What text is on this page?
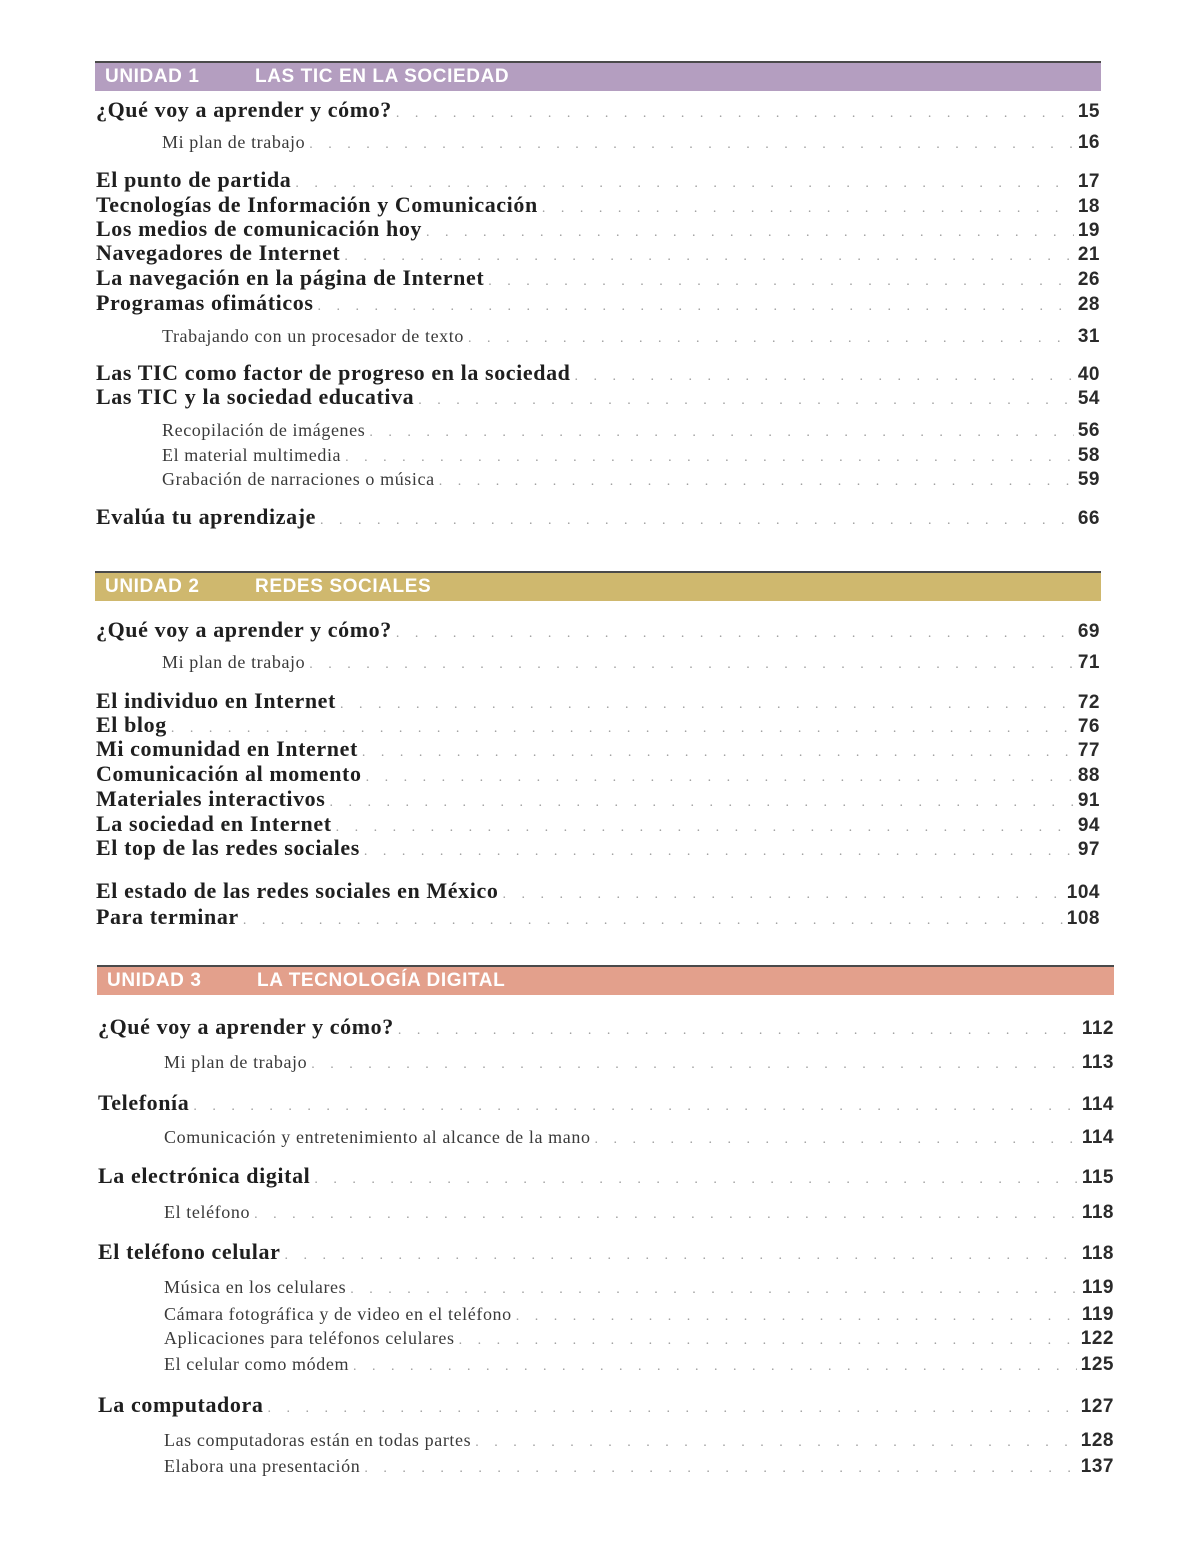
UNIDAD 1	LAS TIC EN LA SOCIEDAD
¿Qué voy a aprender y cómo? . . .	15
Mi plan de trabajo . . .	16
El punto de partida . . .	17
Tecnologías de Información y Comunicación . . .	18
Los medios de comunicación hoy . . .	19
Navegadores de Internet . . .	21
La navegación en la página de Internet . . .	26
Programas ofimáticos . . .	28
Trabajando con un procesador de texto . . .	31
Las TIC como factor de progreso en la sociedad . . .	40
Las TIC y la sociedad educativa . . .	54
Recopilación de imágenes . . .	56
El material multimedia . . .	58
Grabación de narraciones o música . . .	59
Evalúa tu aprendizaje . . .	66
UNIDAD 2	REDES SOCIALES
¿Qué voy a aprender y cómo? . . .	69
Mi plan de trabajo . . .	71
El individuo en Internet . . .	72
El blog . . .	76
Mi comunidad en Internet . . .	77
Comunicación al momento . . .	88
Materiales interactivos . . .	91
La sociedad en Internet . . .	94
El top de las redes sociales . . .	97
El estado de las redes sociales en México . . .	104
Para terminar . . .	108
UNIDAD 3	LA TECNOLOGÍA DIGITAL
¿Qué voy a aprender y cómo? . . .	112
Mi plan de trabajo . . .	113
Telefonía . . .	114
Comunicación y entretenimiento al alcance de la mano . . .	114
La electrónica digital . . .	115
El teléfono . . .	118
El teléfono celular . . .	118
Música en los celulares . . .	119
Cámara fotográfica y de video en el teléfono . . .	119
Aplicaciones para teléfonos celulares . . .	122
El celular como módem . . .	125
La computadora . . .	127
Las computadoras están en todas partes . . .	128
Elabora una presentación . . .	137
